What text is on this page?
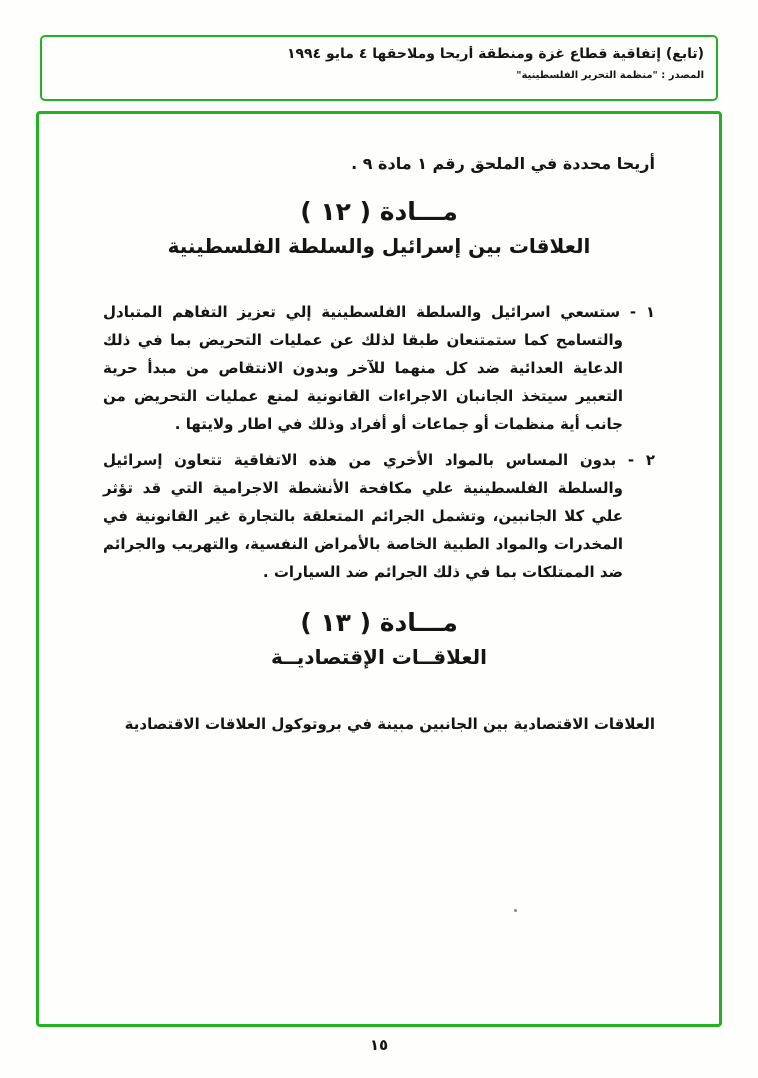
(تابع) إتفاقية قطاع غزة ومنطقة أريحا وملاحقها ٤ مايو ١٩٩٤
المصدر : "منظمة التحرير الفلسطينية"
أريحا محددة في الملحق رقم ١ مادة ٩ .
مـــادة ( ١٢ )
العلاقات بين إسرائيل والسلطة الفلسطينية

١ - ستسعي اسرائيل والسلطة الفلسطينية إلي تعزيز التفاهم المتبادل والتسامح كما ستمتنعان طبقا لذلك عن عمليات التحريض بما في ذلك الدعاية العدائية ضد كل منهما للآخر وبدون الانتقاص من مبدأ حرية التعبير سيتخذ الجانبان الاجراءات القانونية لمنع عمليات التحريض من جانب أية منظمات أو جماعات أو أفراد وذلك في اطار ولايتها .

٢ - بدون المساس بالمواد الأخري من هذه الاتفاقية تتعاون إسرائيل والسلطة الفلسطينية علي مكافحة الأنشطة الاجرامية التي قد تؤثر علي كلا الجانبين، وتشمل الجرائم المتعلقة بالتجارة غير القانونية في المخدرات والمواد الطبية الخاصة بالأمراض النفسية، والتهريب والجرائم ضد الممتلكات بما في ذلك الجرائم ضد السيارات .

مـــادة ( ١٣ )
العلاقــات الإقتصاديــة
العلاقات الاقتصادية بين الجانبين مبينة في بروتوكول العلاقات الاقتصادية
١٥
